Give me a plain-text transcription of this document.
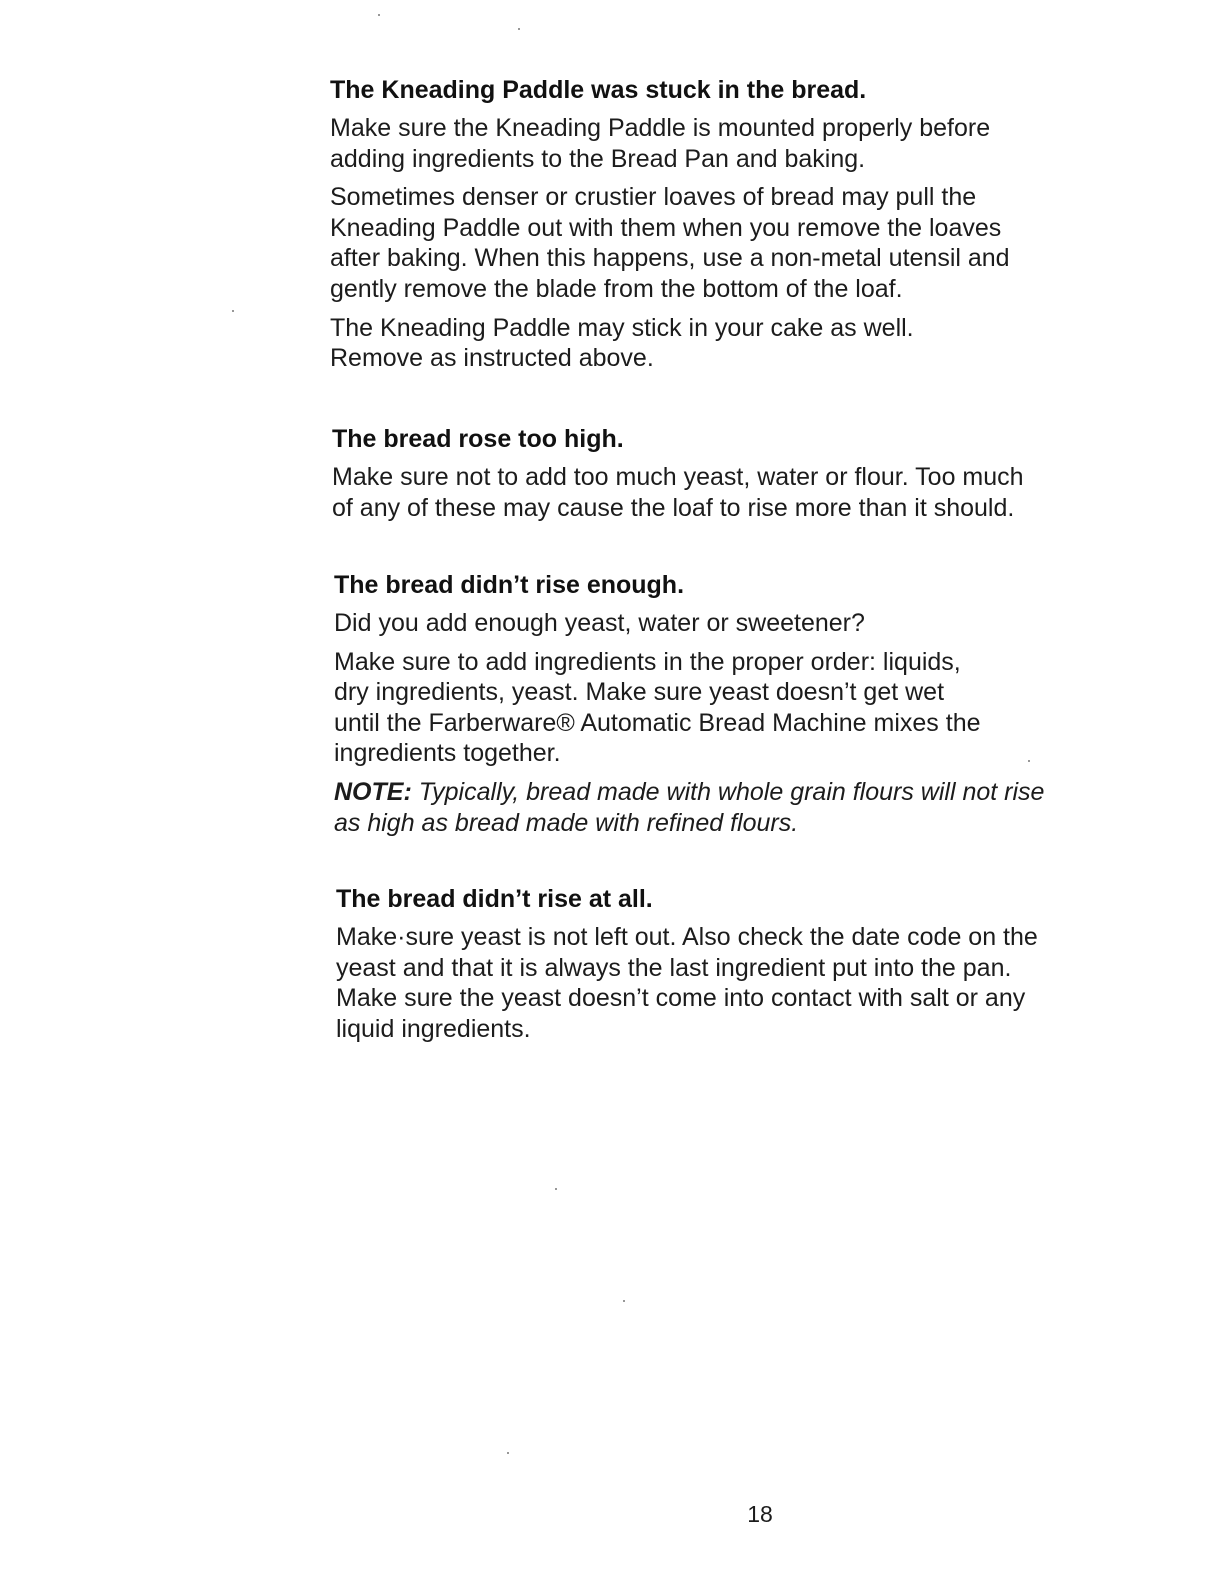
The Kneading Paddle was stuck in the bread.
Make sure the Kneading Paddle is mounted properly before
adding ingredients to the Bread Pan and baking.
Sometimes denser or crustier loaves of bread may pull the
Kneading Paddle out with them when you remove the loaves
after baking. When this happens, use a non-metal utensil and
gently remove the blade from the bottom of the loaf.
The Kneading Paddle may stick in your cake as well.
Remove as instructed above.
The bread rose too high.
Make sure not to add too much yeast, water or flour. Too much
of any of these may cause the loaf to rise more than it should.
The bread didn’t rise enough.
Did you add enough yeast, water or sweetener?
Make sure to add ingredients in the proper order: liquids,
dry ingredients, yeast. Make sure yeast doesn’t get wet
until the Farberware® Automatic Bread Machine mixes the
ingredients together.
NOTE: Typically, bread made with whole grain flours will not rise
as high as bread made with refined flours.
The bread didn’t rise at all.
Make·sure yeast is not left out. Also check the date code on the
yeast and that it is always the last ingredient put into the pan.
Make sure the yeast doesn’t come into contact with salt or any
liquid ingredients.
18
